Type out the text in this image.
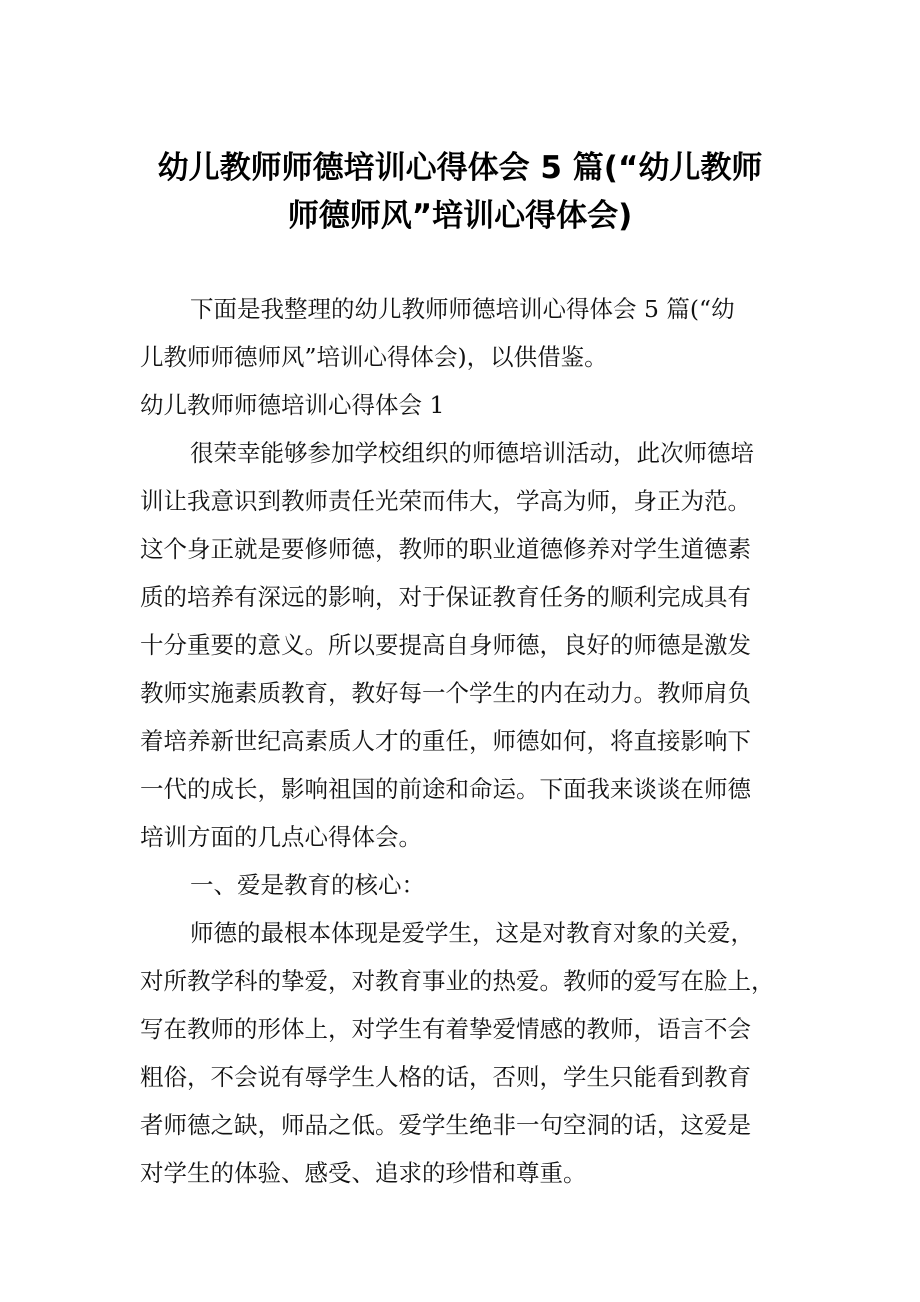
幼儿教师师德培训心得体会 5 篇(“幼儿教师
师德师风”培训心得体会)
下面是我整理的幼儿教师师德培训心得体会 5 篇(“幼
儿教师师德师风”培训心得体会)，以供借鉴。
幼儿教师师德培训心得体会 1
很荣幸能够参加学校组织的师德培训活动，此次师德培
训让我意识到教师责任光荣而伟大，学高为师，身正为范。
这个身正就是要修师德，教师的职业道德修养对学生道德素
质的培养有深远的影响，对于保证教育任务的顺利完成具有
十分重要的意义。所以要提高自身师德，良好的师德是激发
教师实施素质教育，教好每一个学生的内在动力。教师肩负
着培养新世纪高素质人才的重任，师德如何，将直接影响下
一代的成长，影响祖国的前途和命运。下面我来谈谈在师德
培训方面的几点心得体会。
一、爱是教育的核心：
师德的最根本体现是爱学生，这是对教育对象的关爱，
对所教学科的挚爱，对教育事业的热爱。教师的爱写在脸上，
写在教师的形体上，对学生有着挚爱情感的教师，语言不会
粗俗，不会说有辱学生人格的话，否则，学生只能看到教育
者师德之缺，师品之低。爱学生绝非一句空洞的话，这爱是
对学生的体验、感受、追求的珍惜和尊重。
